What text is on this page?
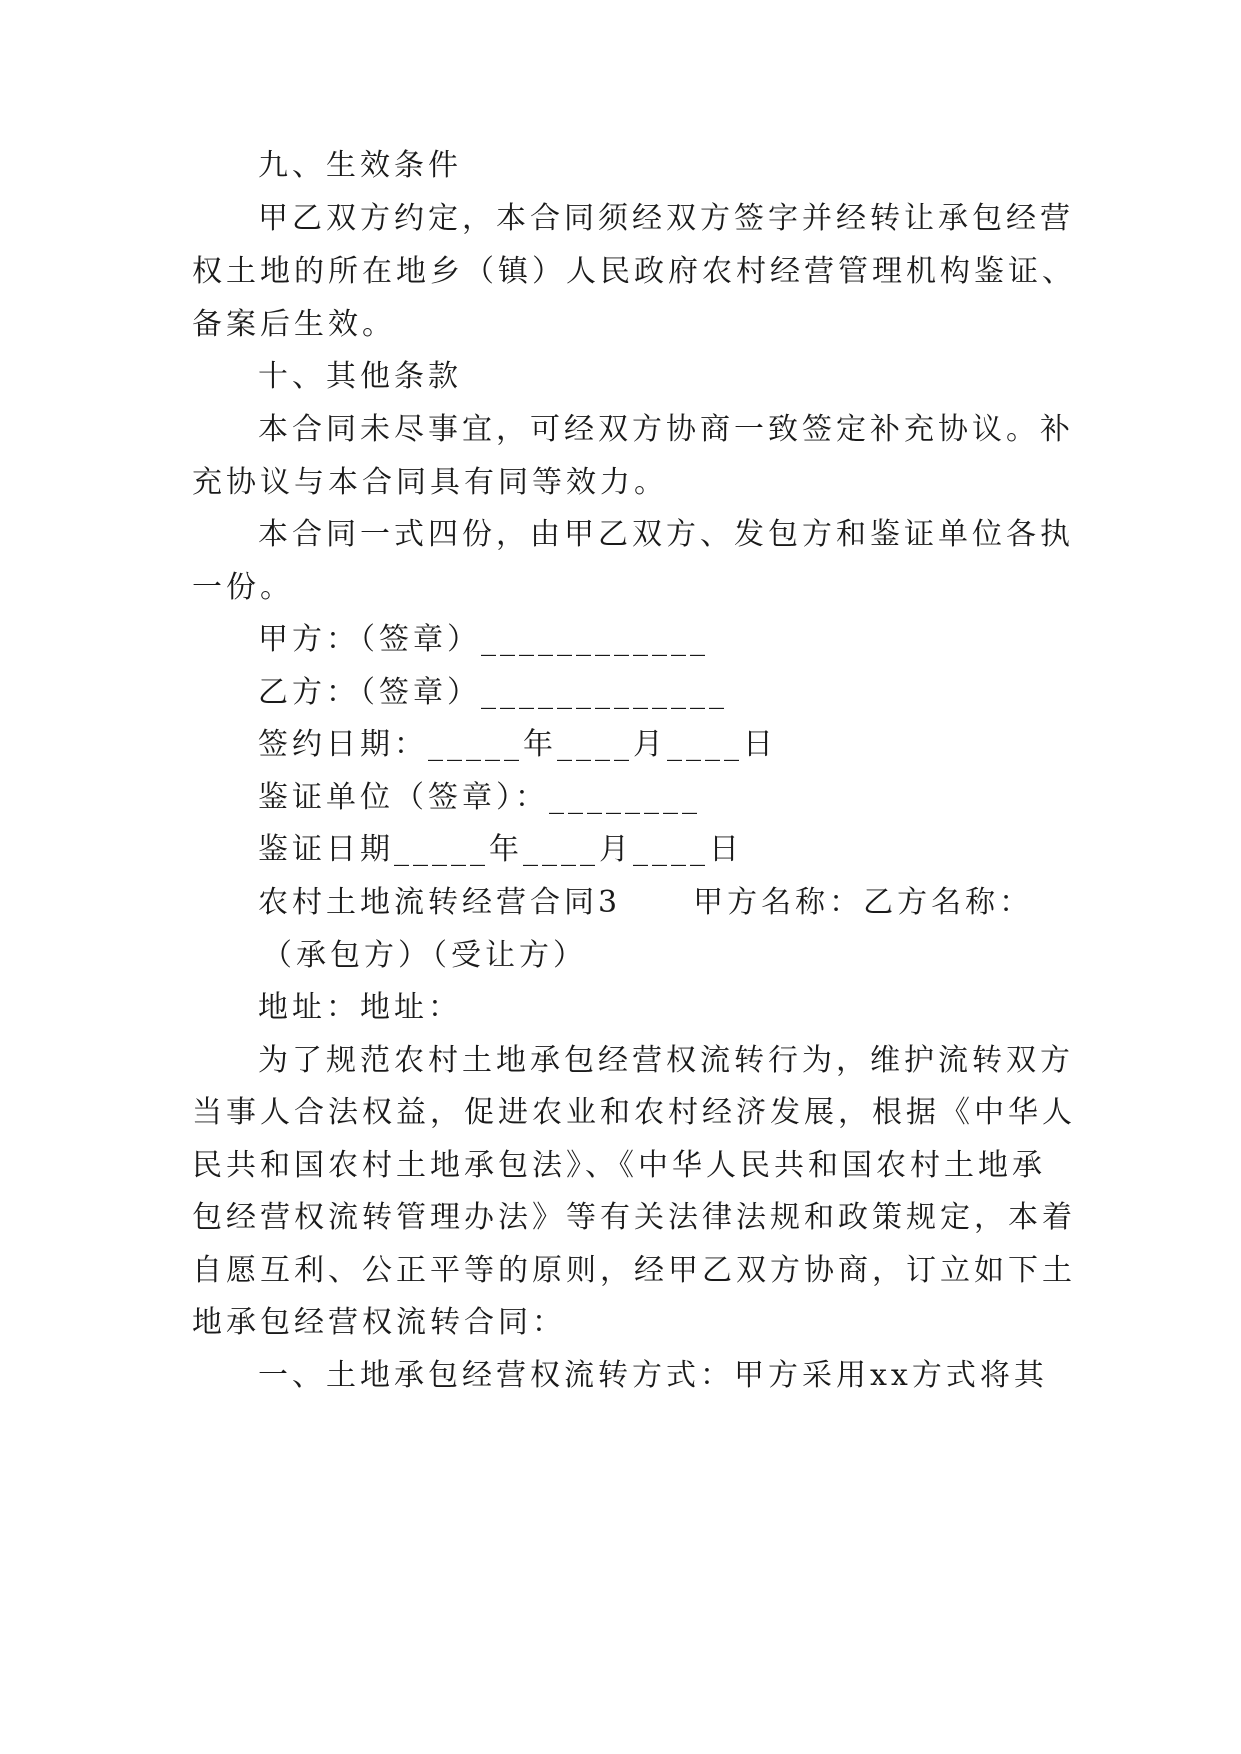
九、生效条件
甲乙双方约定，本合同须经双方签字并经转让承包经营
权土地的所在地乡（镇）人民政府农村经营管理机构鉴证、
备案后生效。
十、其他条款
本合同未尽事宜，可经双方协商一致签定补充协议。补
充协议与本合同具有同等效力。
本合同一式四份，由甲乙双方、发包方和鉴证单位各执
一份。
甲方：（签章）____________
乙方：（签章）_____________
签约日期：_____年____月____日
鉴证单位（签章）：________
鉴证日期_____年____月____日
农村土地流转经营合同3 甲方名称：乙方名称：
（承包方）（受让方）
地址：地址：
为了规范农村土地承包经营权流转行为，维护流转双方
当事人合法权益，促进农业和农村经济发展，根据《中华人
民共和国农村土地承包法》、《中华人民共和国农村土地承
包经营权流转管理办法》等有关法律法规和政策规定，本着
自愿互利、公正平等的原则，经甲乙双方协商，订立如下土
地承包经营权流转合同：
一、土地承包经营权流转方式：甲方采用xx方式将其
